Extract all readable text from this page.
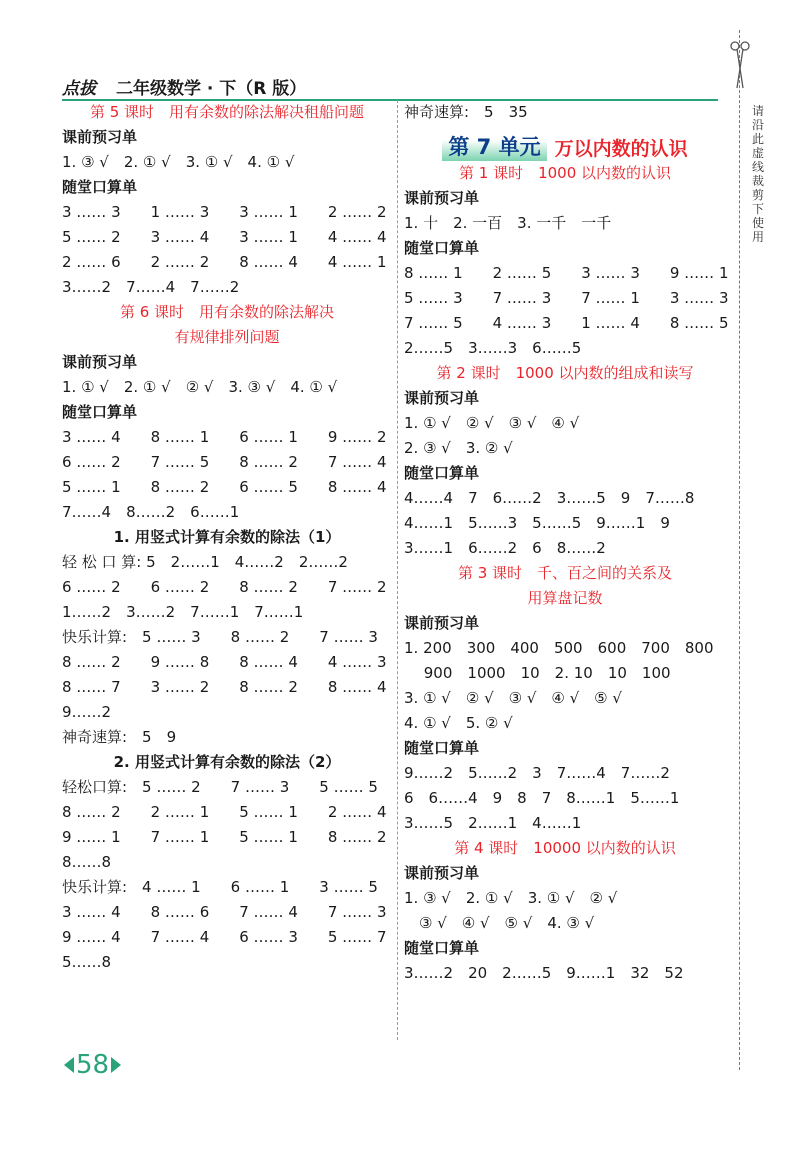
点拔 二年级数学 · 下（R 版）
第 5 课时　用有余数的除法解决租船问题
课前预习单
1. ③ √　2. ① √　3. ① √　4. ① √
随堂口算单
3 …… 3　　1 …… 3　　3 …… 1　　2 …… 2
5 …… 2　　3 …… 4　　3 …… 1　　4 …… 4
2 …… 6　　2 …… 2　　8 …… 4　　4 …… 1
3……2　7……4　7……2
第 6 课时　用有余数的除法解决
有规律排列问题
课前预习单
1. ① √　2. ① √　② √　3. ③ √　4. ① √
随堂口算单
3 …… 4　　8 …… 1　　6 …… 1　　9 …… 2
6 …… 2　　7 …… 5　　8 …… 2　　7 …… 4
5 …… 1　　8 …… 2　　6 …… 5　　8 …… 4
7……4　8……2　6……1
1. 用竖式计算有余数的除法（1）
轻 松 口 算: 5　2……1　4……2　2……2
6 …… 2　　6 …… 2　　8 …… 2　　7 …… 2
1……2　3……2　7……1　7……1
快乐计算:　5 …… 3　　8 …… 2　　7 …… 3
8 …… 2　　9 …… 8　　8 …… 4　　4 …… 3
8 …… 7　　3 …… 2　　8 …… 2　　8 …… 4
9……2
神奇速算:　5　9
2. 用竖式计算有余数的除法（2）
轻松口算:　5 …… 2　　7 …… 3　　5 …… 5
8 …… 2　　2 …… 1　　5 …… 1　　2 …… 4
9 …… 1　　7 …… 1　　5 …… 1　　8 …… 2
8……8
快乐计算:　4 …… 1　　6 …… 1　　3 …… 5
3 …… 4　　8 …… 6　　7 …… 4　　7 …… 3
9 …… 4　　7 …… 4　　6 …… 3　　5 …… 7
5……8
神奇速算:　5　35
第 7 单元 万以内数的认识
第 1 课时　1000 以内数的认识
课前预习单
1. 十　2. 一百　3. 一千　一千
随堂口算单
8 …… 1　　2 …… 5　　3 …… 3　　9 …… 1
5 …… 3　　7 …… 3　　7 …… 1　　3 …… 3
7 …… 5　　4 …… 3　　1 …… 4　　8 …… 5
2……5　3……3　6……5
第 2 课时　1000 以内数的组成和读写
课前预习单
1. ① √　② √　③ √　④ √
2. ③ √　3. ② √
随堂口算单
4……4　7　6……2　3……5　9　7……8
4……1　5……3　5……5　9……1　9
3……1　6……2　6　8……2
第 3 课时　千、百之间的关系及
用算盘记数
课前预习单
1. 200　300　400　500　600　700　800
　 900　1000　10　2. 10　10　100
3. ① √　② √　③ √　④ √　⑤ √
4. ① √　5. ② √
随堂口算单
9……2　5……2　3　7……4　7……2
6　6……4　9　8　7　8……1　5……1
3……5　2……1　4……1
第 4 课时　10000 以内数的认识
课前预习单
1. ③ √　2. ① √　3. ① √　② √
　③ √　④ √　⑤ √　4. ③ √
随堂口算单
3……2　20　2……5　9……1　32　52
请
沿
此
虚
线
裁
剪
下
使
用
58
